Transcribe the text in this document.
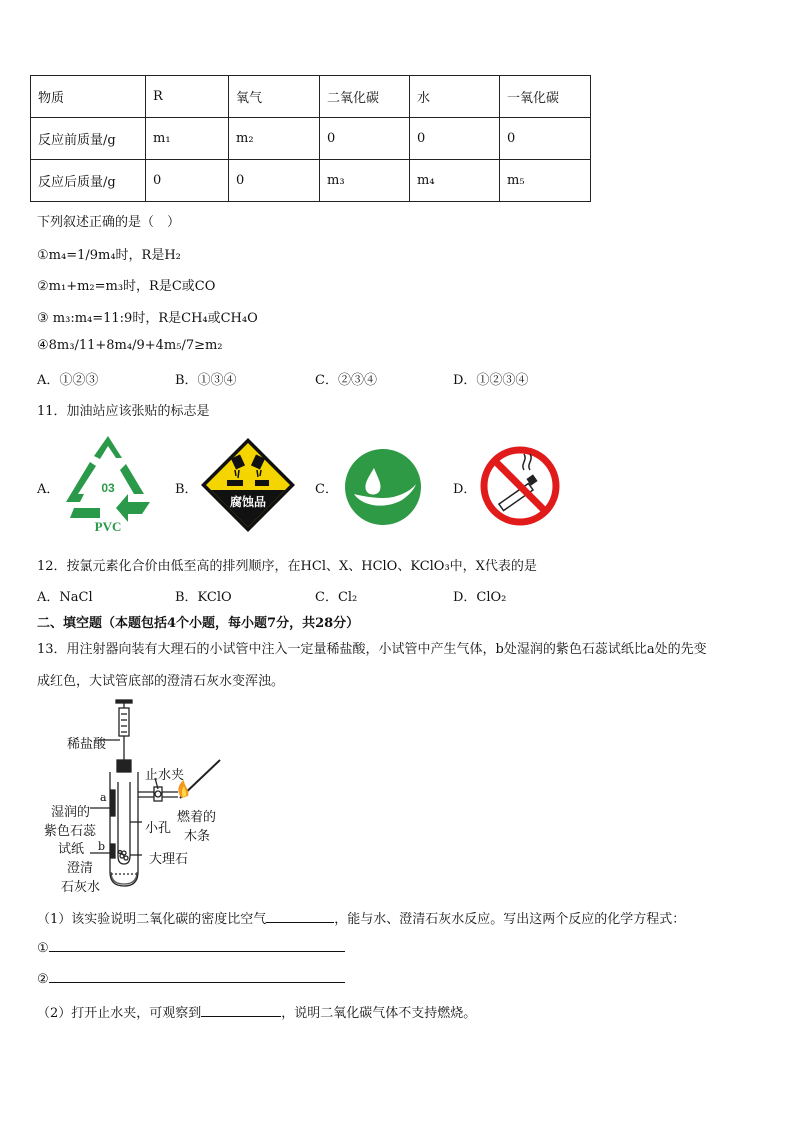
物质	R	氧气	二氧化碳	水	一氧化碳
反应前质量/g	m₁	m₂	0	0	0
反应后质量/g	0	0	m₃	m₄	m₅
下列叙述正确的是（　）
①m₄=1/9m₄时，R是H₂
②m₁+m₂=m₃时，R是C或CO
③ m₃:m₄=11:9时，R是CH₄或CH₄O
④8m₃/11+8m₄/9+4m₅/7≥m₂
A．①②③	B．①③④	C．②③④	D．①②③④
11．加油站应该张贴的标志是
A．	B．	C．	D．
03
PVC
腐蚀品
12．按氯元素化合价由低至高的排列顺序，在HCl、X、HClO、KClO₃中，X代表的是
A．NaCl	B．KClO	C．Cl₂	D．ClO₂
二、填空题（本题包括4个小题，每小题7分，共28分）
13．用注射器向装有大理石的小试管中注入一定量稀盐酸，小试管中产生气体，b处湿润的紫色石蕊试纸比a处的先变
成红色，大试管底部的澄清石灰水变浑浊。
稀盐酸
止水夹
a
湿润的
紫色石蕊
试纸 b
小孔
燃着的
木条
大理石
澄清
石灰水
（1）该实验说明二氧化碳的密度比空气	，能与水、澄清石灰水反应。写出这两个反应的化学方程式：
①
②
（2）打开止水夹，可观察到	，说明二氧化碳气体不支持燃烧。
